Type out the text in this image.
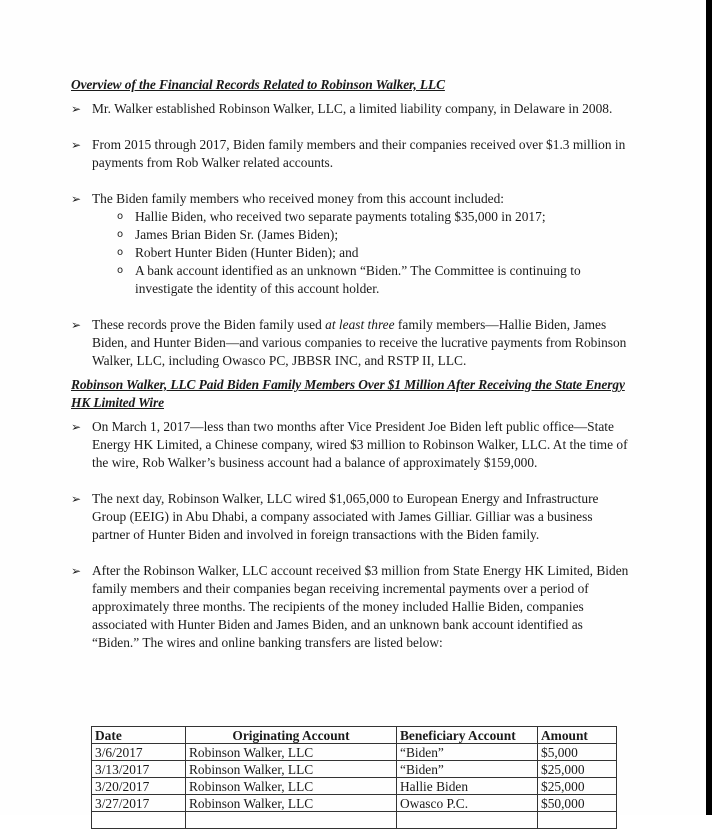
Overview of the Financial Records Related to Robinson Walker, LLC

➢ Mr. Walker established Robinson Walker, LLC, a limited liability company, in Delaware in 2008.

➢ From 2015 through 2017, Biden family members and their companies received over $1.3 million in payments from Rob Walker related accounts.

➢ The Biden family members who received money from this account included:

o Hallie Biden, who received two separate payments totaling $35,000 in 2017;

o James Brian Biden Sr. (James Biden);

o Robert Hunter Biden (Hunter Biden); and

o A bank account identified as an unknown “Biden.” The Committee is continuing to investigate the identity of this account holder.

➢ These records prove the Biden family used at least three family members—Hallie Biden, James Biden, and Hunter Biden—and various companies to receive the lucrative payments from Robinson Walker, LLC, including Owasco PC, JBBSR INC, and RSTP II, LLC.

Robinson Walker, LLC Paid Biden Family Members Over $1 Million After Receiving the State Energy HK Limited Wire

➢ On March 1, 2017—less than two months after Vice President Joe Biden left public office—State Energy HK Limited, a Chinese company, wired $3 million to Robinson Walker, LLC. At the time of the wire, Rob Walker’s business account had a balance of approximately $159,000.

➢ The next day, Robinson Walker, LLC wired $1,065,000 to European Energy and Infrastructure Group (EEIG) in Abu Dhabi, a company associated with James Gilliar. Gilliar was a business partner of Hunter Biden and involved in foreign transactions with the Biden family.

➢ After the Robinson Walker, LLC account received $3 million from State Energy HK Limited, Biden family members and their companies began receiving incremental payments over a period of approximately three months. The recipients of the money included Hallie Biden, companies associated with Hunter Biden and James Biden, and an unknown bank account identified as “Biden.” The wires and online banking transfers are listed below:

Date	Originating Account	Beneficiary Account	Amount
3/6/2017	Robinson Walker, LLC	“Biden”	$5,000
3/13/2017	Robinson Walker, LLC	“Biden”	$25,000
3/20/2017	Robinson Walker, LLC	Hallie Biden	$25,000
3/27/2017	Robinson Walker, LLC	Owasco P.C.	$50,000
